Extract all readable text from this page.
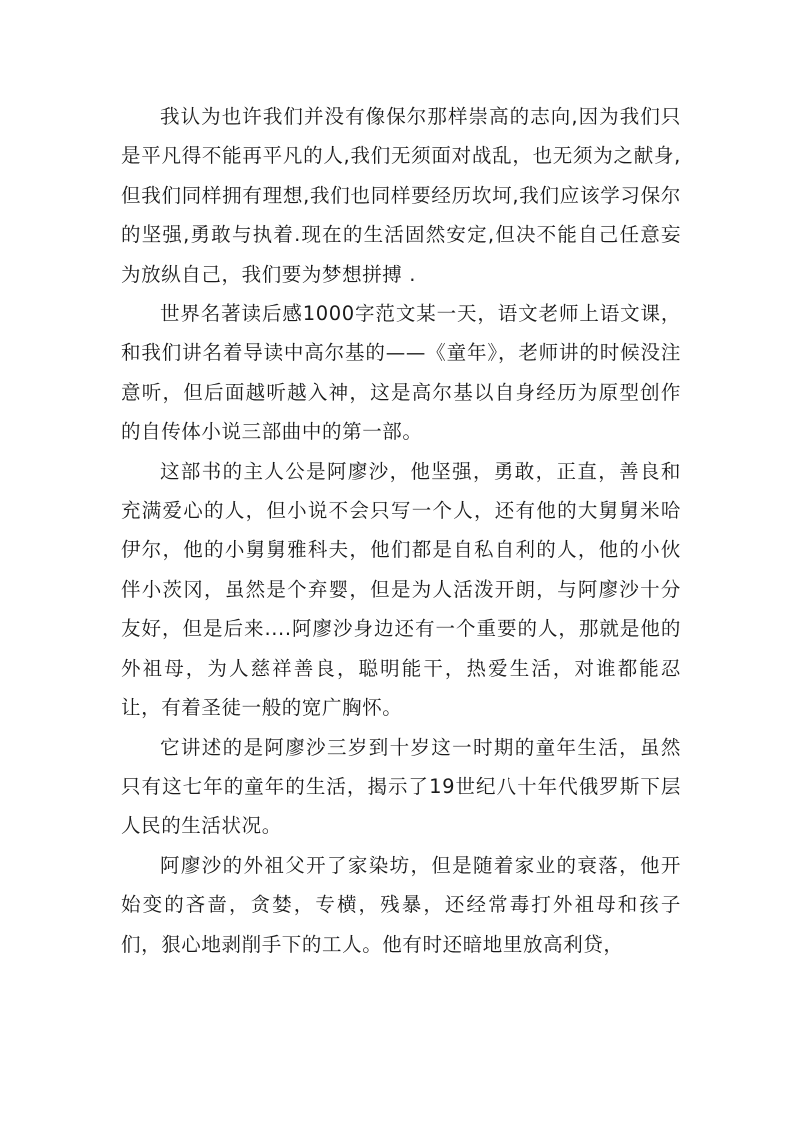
我认为也许我们并没有像保尔那样崇高的志向,因为我们只是平凡得不能再平凡的人,我们无须面对战乱，也无须为之献身,但我们同样拥有理想,我们也同样要经历坎坷,我们应该学习保尔的坚强,勇敢与执着.现在的生活固然安定,但决不能自己任意妄为放纵自己，我们要为梦想拼搏 .

世界名著读后感1000字范文某一天，语文老师上语文课，和我们讲名着导读中高尔基的——《童年》，老师讲的时候没注意听，但后面越听越入神，这是高尔基以自身经历为原型创作的自传体小说三部曲中的第一部。

这部书的主人公是阿廖沙，他坚强，勇敢，正直，善良和充满爱心的人，但小说不会只写一个人，还有他的大舅舅米哈伊尔，他的小舅舅雅科夫，他们都是自私自利的人，他的小伙伴小茨冈，虽然是个弃婴，但是为人活泼开朗，与阿廖沙十分友好，但是后来....阿廖沙身边还有一个重要的人，那就是他的外祖母，为人慈祥善良，聪明能干，热爱生活，对谁都能忍让，有着圣徒一般的宽广胸怀。

它讲述的是阿廖沙三岁到十岁这一时期的童年生活，虽然只有这七年的童年的生活，揭示了19世纪八十年代俄罗斯下层人民的生活状况。

阿廖沙的外祖父开了家染坊，但是随着家业的衰落，他开始变的吝啬，贪婪，专横，残暴，还经常毒打外祖母和孩子们，狠心地剥削手下的工人。他有时还暗地里放高利贷，
